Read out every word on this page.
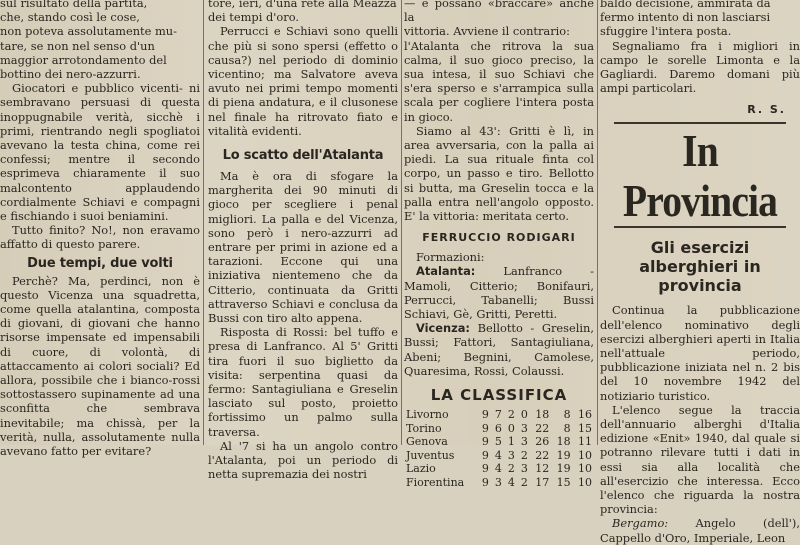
sul risultato della partita,

che, stando così le cose,

non poteva assolutamente mu-

tare, se non nel senso d'un

maggior arrotondamento del

bottino dei nero-azzurri.

Giocatori e pubblico vicenti- ni sembravano persuasi di questa inoppugnabile verità, sicchè i primi, rientrando negli spogliatoi avevano la testa china, come rei confessi; mentre il secondo esprimeva chiaramente il suo malcontento applaudendo cordialmente Schiavi e compagni e fischiando i suoi beniamini.

Tutto finito? No!, non eravamo affatto di questo parere.

Due tempi, due volti

Perchè? Ma, perdinci, non è questo Vicenza una squadretta, come quella atalantina, composta di giovani, di giovani che hanno risorse impensate ed impensabili di cuore, di volontà, di attaccamento ai colori sociali? Ed allora, possibile che i bianco-rossi sottostassero supinamente ad una sconfitta che sembrava inevitabile; ma chissà, per la verità, nulla, assolutamente nulla avevano fatto per evitare?

tore, ieri, d'una rete alla Meazza

dei tempi d'oro.

Perrucci e Schiavi sono quelli che più si sono spersi (effetto o causa?) nel periodo di dominio vicentino; ma Salvatore aveva avuto nei primi tempo momenti di piena andatura, e il clusonese nel finale ha ritrovato fiato e vitalità evidenti.

Lo scatto dell'Atalanta

Ma è ora di sfogare la margherita dei 90 minuti di gioco per scegliere i penal migliori. La palla e del Vicenza, sono però i nero-azzurri ad entrare per primi in azione ed a tarazioni. Eccone qui una iniziativa nientemeno che da Citterio, continuata da Gritti attraverso Schiavi e conclusa da Bussi con tiro alto appena.

Risposta di Rossi: bel tuffo e presa di Lanfranco. Al 5' Gritti tira fuori il suo biglietto da visita: serpentina quasi da fermo: Santagiuliana e Greselin lasciato sul posto, proietto fortissimo un palmo sulla traversa.

Al '7 si ha un angolo contro l'Atalanta, poi un periodo di netta supremazia dei nostri

— e possano «braccare» anche la

vittoria. Avviene il contrario:

l'Atalanta che ritrova la sua calma, il suo gioco preciso, la sua intesa, il suo Schiavi che s'era sperso e s'arrampica sulla scala per cogliere l'intera posta in gioco.

Siamo al 43': Gritti è lì, in area avversaria, con la palla ai piedi. La sua rituale finta col corpo, un passo e tiro. Bellotto si butta, ma Greselin tocca e la palla entra nell'angolo opposto. E' la vittoria: meritata certo.

FERRUCCIO RODIGARI

Formazioni:

Atalanta: Lanfranco - Mamoli, Citterio; Bonifauri, Perrucci, Tabanelli; Bussi Schiavi, Gè, Gritti, Peretti.

Vicenza: Bellotto - Greselin, Bussi; Fattori, Santagiuliana, Abeni; Begnini, Camolese, Quaresima, Rossi, Colaussi.

LA CLASSIFICA
Livorno	9	7	2	0	18	8	16
Torino	9	6	0	3	22	8	15
Genova	9	5	1	3	26	18	11
Juventus	9	4	3	2	22	19	10
Lazio	9	4	2	3	12	19	10
Fiorentina	9	3	4	2	17	15	10

baldo decisione, ammirata da

fermo intento di non lasciarsi

sfuggire l'intera posta.

Segnaliamo fra i migliori in campo le sorelle Limonta e la Gagliardi. Daremo domani più ampi particolari.

R. S.
In Provincia
Gli esercizi alberghieri in provincia

Continua la pubblicazione dell'elenco nominativo degli esercizi alberghieri aperti in Italia nell'attuale periodo, pubblicazione iniziata nel n. 2 bis del 10 novembre 1942 del notiziario turistico.

L'elenco segue la traccia dell'annuario alberghi d'Italia edizione «Enit» 1940, dal quale si potranno rilevare tutti i dati in essi sia alla località che all'esercizio che interessa. Ecco l'elenco che riguarda la nostra provincia:

Bergamo: Angelo (dell'), Cappello d'Oro, Imperiale, Leon
